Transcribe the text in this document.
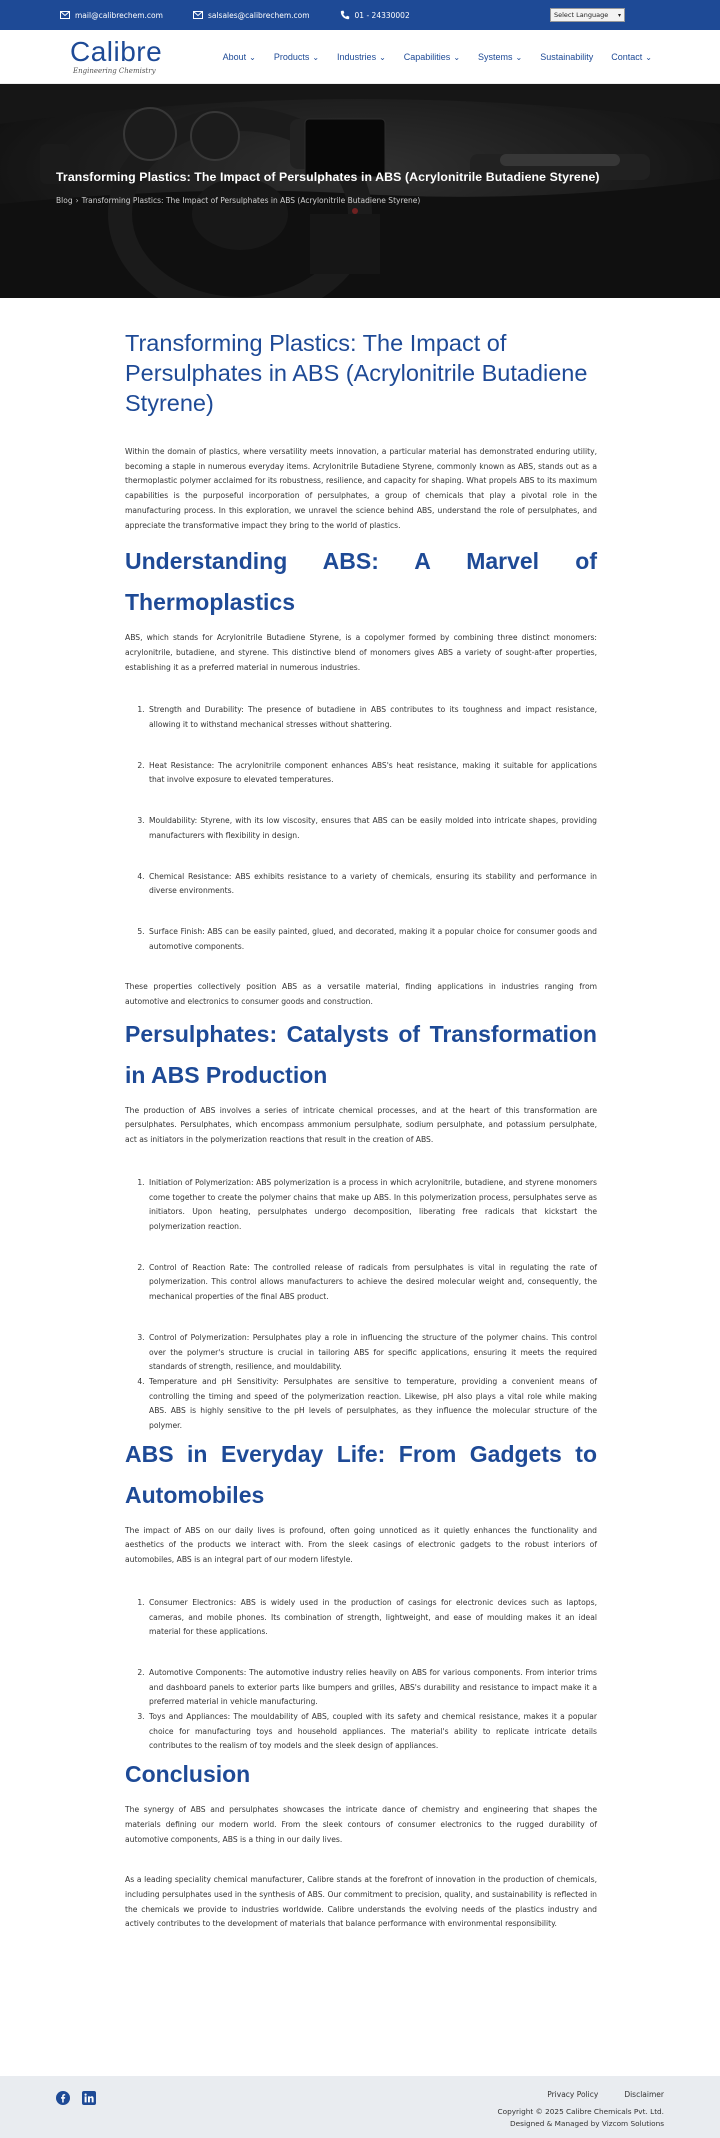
mail@calibrechem.com	salsales@calibrechem.com	01 - 24330002	Select Language ▾
Calibre
Engineering Chemistry
About ⌄ Products ⌄ Industries ⌄ Capabilities ⌄ Systems ⌄ Sustainability Contact ⌄
Transforming Plastics: The Impact of Persulphates in ABS (Acrylonitrile Butadiene Styrene)
Blog › Transforming Plastics: The Impact of Persulphates in ABS (Acrylonitrile Butadiene Styrene)
Transforming Plastics: The Impact of Persulphates in ABS (Acrylonitrile Butadiene Styrene)

Within the domain of plastics, where versatility meets innovation, a particular material has demonstrated enduring utility, becoming a staple in numerous everyday items. Acrylonitrile Butadiene Styrene, commonly known as ABS, stands out as a thermoplastic polymer acclaimed for its robustness, resilience, and capacity for shaping. What propels ABS to its maximum capabilities is the purposeful incorporation of persulphates, a group of chemicals that play a pivotal role in the manufacturing process. In this exploration, we unravel the science behind ABS, understand the role of persulphates, and appreciate the transformative impact they bring to the world of plastics.

Understanding ABS: A Marvel of Thermoplastics

ABS, which stands for Acrylonitrile Butadiene Styrene, is a copolymer formed by combining three distinct monomers: acrylonitrile, butadiene, and styrene. This distinctive blend of monomers gives ABS a variety of sought-after properties, establishing it as a preferred material in numerous industries.

1. Strength and Durability: The presence of butadiene in ABS contributes to its toughness and impact resistance, allowing it to withstand mechanical stresses without shattering.
2. Heat Resistance: The acrylonitrile component enhances ABS's heat resistance, making it suitable for applications that involve exposure to elevated temperatures.
3. Mouldability: Styrene, with its low viscosity, ensures that ABS can be easily molded into intricate shapes, providing manufacturers with flexibility in design.
4. Chemical Resistance: ABS exhibits resistance to a variety of chemicals, ensuring its stability and performance in diverse environments.
5. Surface Finish: ABS can be easily painted, glued, and decorated, making it a popular choice for consumer goods and automotive components.

These properties collectively position ABS as a versatile material, finding applications in industries ranging from automotive and electronics to consumer goods and construction.

Persulphates: Catalysts of Transformation in ABS Production

The production of ABS involves a series of intricate chemical processes, and at the heart of this transformation are persulphates. Persulphates, which encompass ammonium persulphate, sodium persulphate, and potassium persulphate, act as initiators in the polymerization reactions that result in the creation of ABS.

1. Initiation of Polymerization: ABS polymerization is a process in which acrylonitrile, butadiene, and styrene monomers come together to create the polymer chains that make up ABS. In this polymerization process, persulphates serve as initiators. Upon heating, persulphates undergo decomposition, liberating free radicals that kickstart the polymerization reaction.
2. Control of Reaction Rate: The controlled release of radicals from persulphates is vital in regulating the rate of polymerization. This control allows manufacturers to achieve the desired molecular weight and, consequently, the mechanical properties of the final ABS product.
3. Control of Polymerization: Persulphates play a role in influencing the structure of the polymer chains. This control over the polymer's structure is crucial in tailoring ABS for specific applications, ensuring it meets the required standards of strength, resilience, and mouldability.
4. Temperature and pH Sensitivity: Persulphates are sensitive to temperature, providing a convenient means of controlling the timing and speed of the polymerization reaction. Likewise, pH also plays a vital role while making ABS. ABS is highly sensitive to the pH levels of persulphates, as they influence the molecular structure of the polymer.
ABS in Everyday Life: From Gadgets to Automobiles

The impact of ABS on our daily lives is profound, often going unnoticed as it quietly enhances the functionality and aesthetics of the products we interact with. From the sleek casings of electronic gadgets to the robust interiors of automobiles, ABS is an integral part of our modern lifestyle.

1. Consumer Electronics: ABS is widely used in the production of casings for electronic devices such as laptops, cameras, and mobile phones. Its combination of strength, lightweight, and ease of moulding makes it an ideal material for these applications.
2. Automotive Components: The automotive industry relies heavily on ABS for various components. From interior trims and dashboard panels to exterior parts like bumpers and grilles, ABS's durability and resistance to impact make it a preferred material in vehicle manufacturing.
3. Toys and Appliances: The mouldability of ABS, coupled with its safety and chemical resistance, makes it a popular choice for manufacturing toys and household appliances. The material's ability to replicate intricate details contributes to the realism of toy models and the sleek design of appliances.
Conclusion

The synergy of ABS and persulphates showcases the intricate dance of chemistry and engineering that shapes the materials defining our modern world. From the sleek contours of consumer electronics to the rugged durability of automotive components, ABS is a thing in our daily lives.

As a leading speciality chemical manufacturer, Calibre stands at the forefront of innovation in the production of chemicals, including persulphates used in the synthesis of ABS. Our commitment to precision, quality, and sustainability is reflected in the chemicals we provide to industries worldwide. Calibre understands the evolving needs of the plastics industry and actively contributes to the development of materials that balance performance with environmental responsibility.

Privacy Policy	Disclaimer
Copyright © 2025 Calibre Chemicals Pvt. Ltd.
Designed & Managed by Vizcom Solutions
